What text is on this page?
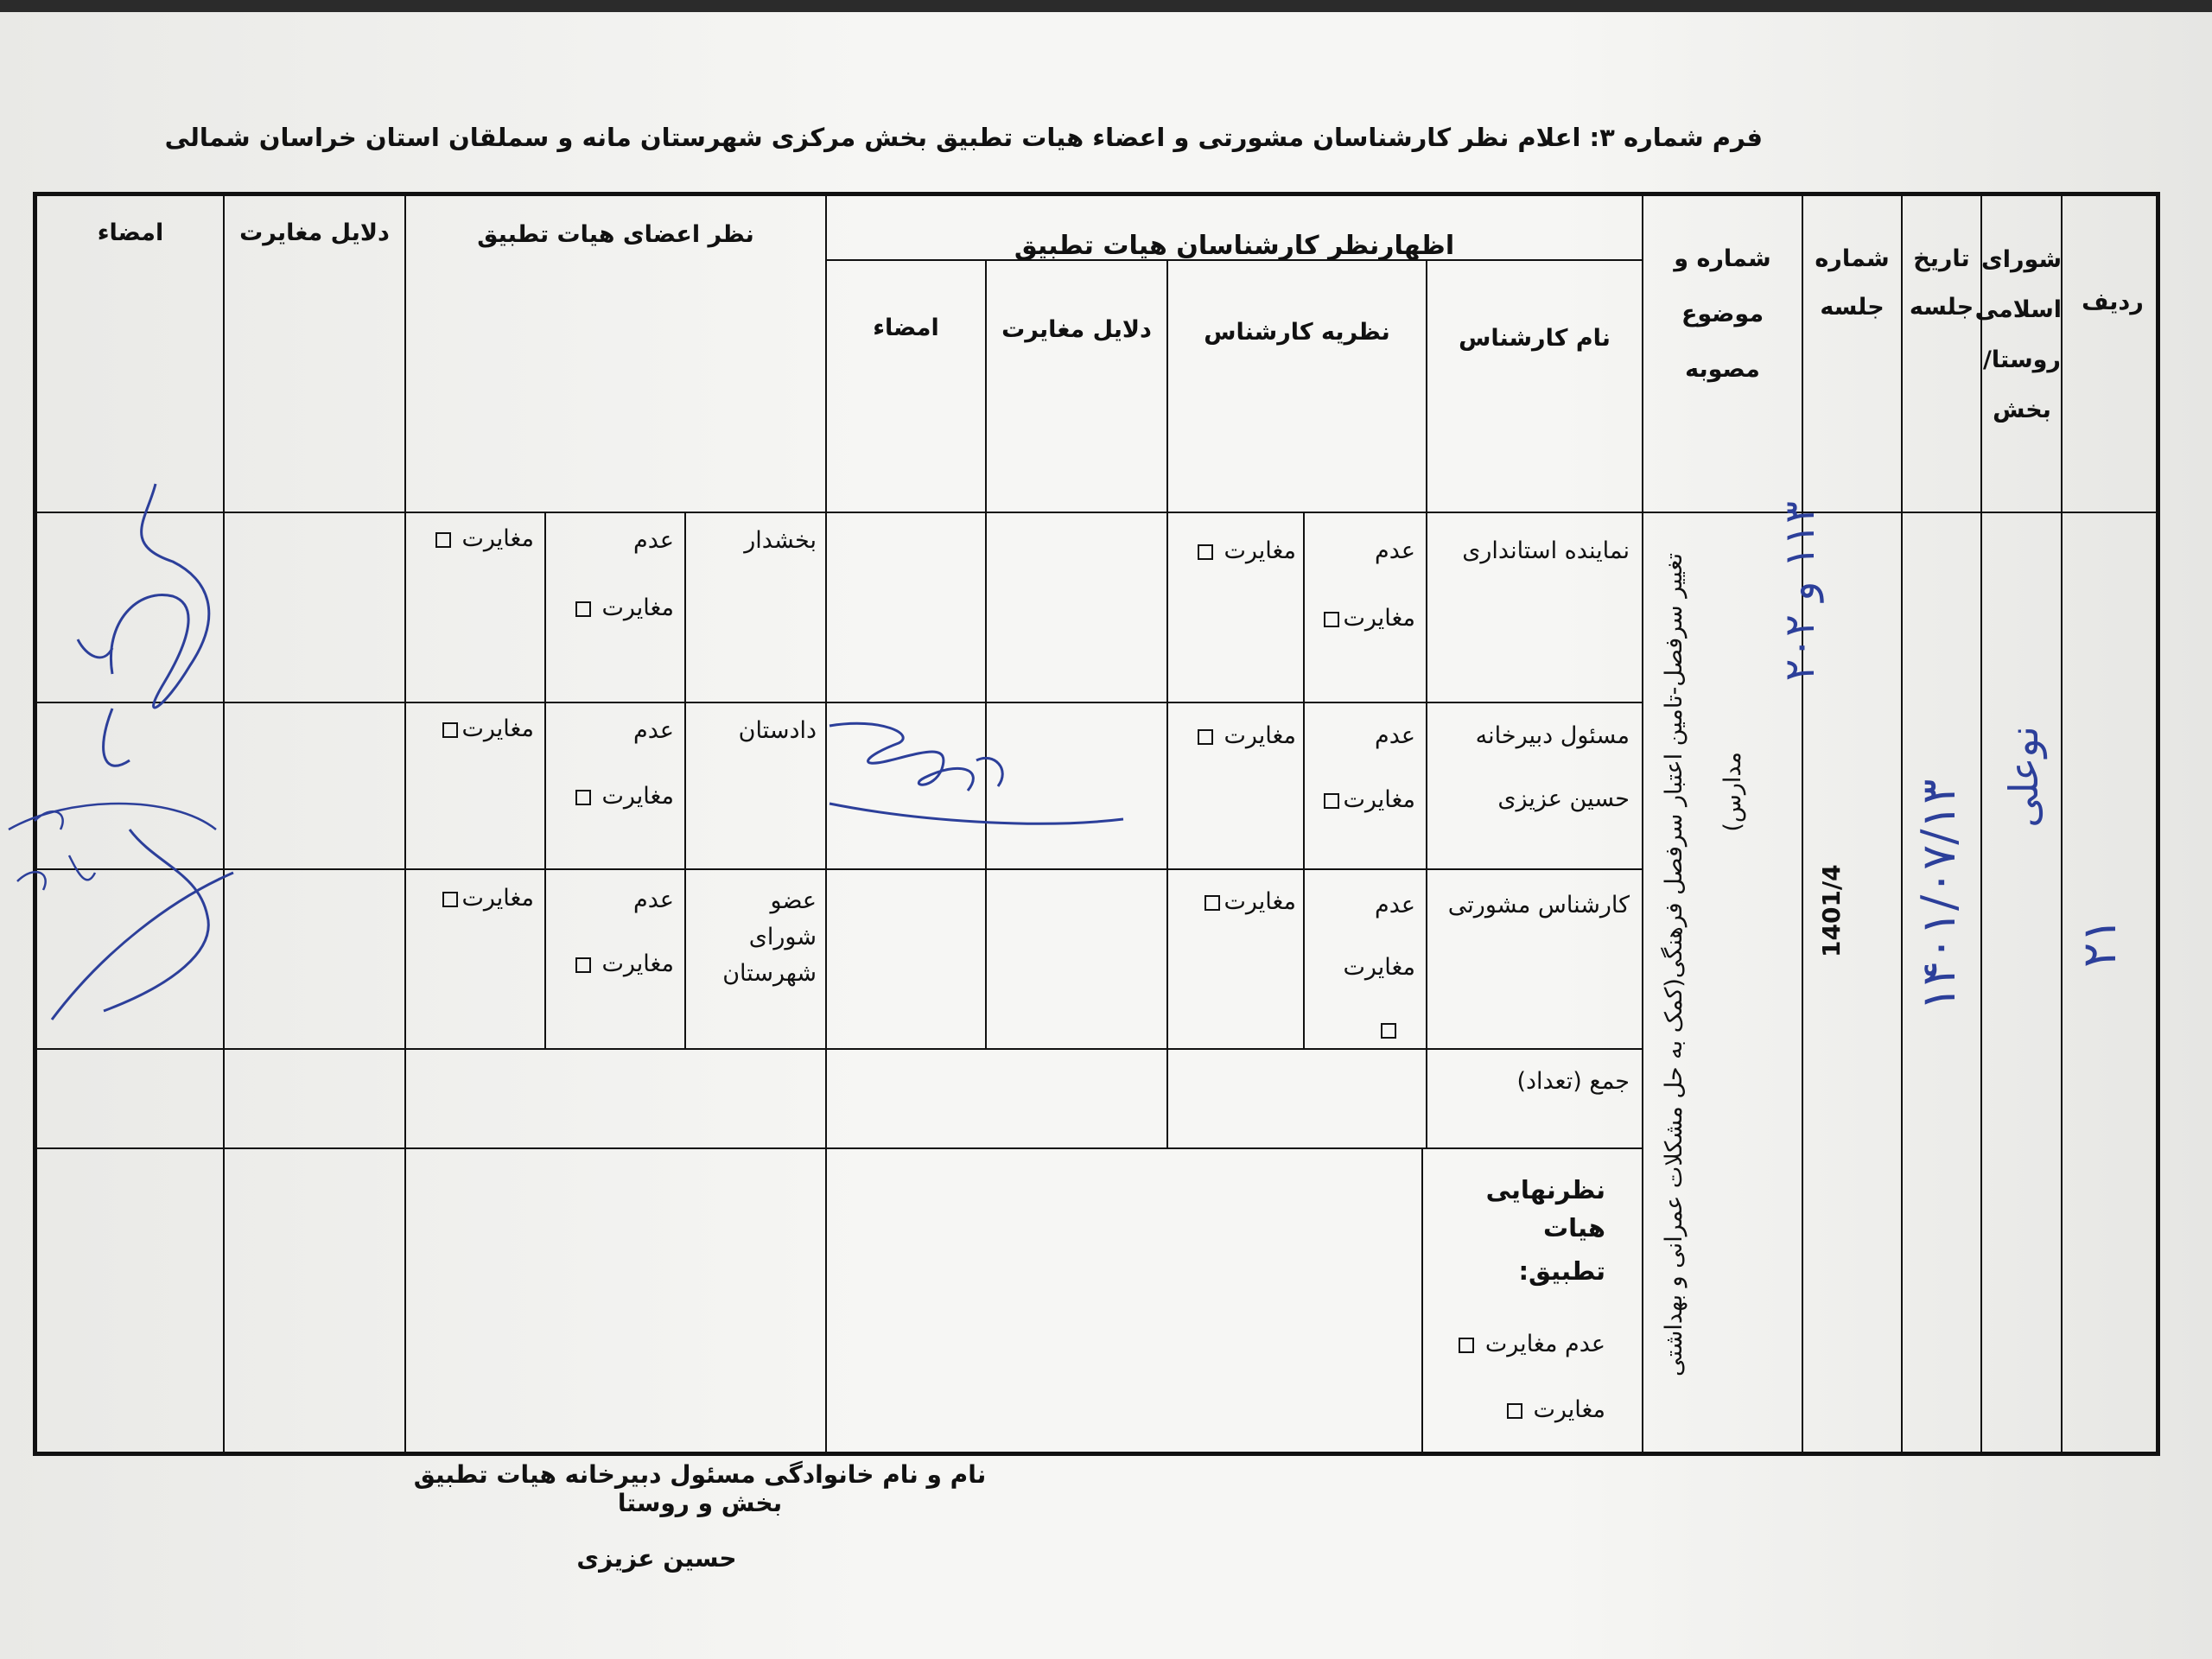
فرم شماره ۳: اعلام نظر کارشناسان مشورتی و اعضاء هیات تطبیق بخش مرکزی شهرستان مانه و سملقان استان خراسان شمالی
ردیف
شورای
اسلامی
روستا/
بخش
تاریخ
جلسه
شماره
جلسه
شماره و
موضوع
مصوبه
اظهارنظر کارشناسان هیات تطبیق
نام کارشناس
نظریه کارشناس
دلایل مغایرت
امضاء
نظر اعضای هیات تطبیق
دلایل مغایرت
امضاء
نماینده استانداری
مسئول دبیرخانه
حسین عزیزی
کارشناس مشورتی
عدم
مغایرت
مغایرت
عدم
مغایرت
مغایرت
عدم
مغایرت
مغایرت
جمع (تعداد)
بخشدار
دادستان
عضو
شورای
شهرستان
عدم
مغایرت
مغایرت
عدم
مغایرت
مغایرت
عدم
مغایرت
مغایرت
نظرنهایی هیات
تطبیق:
عدم مغایرت
مغایرت
تغییر سرفصل-تامین اعتبار سرفصل فرهنگی(کمک به حل مشکلات عمرانی و بهداشتی	مدارس)
۱۱۳ و ۲۰۲
1401/4 ۱۴۰۱/۰۷/۱۳
نوعلی
۲۱
نام و نام خانوادگی مسئول دبیرخانه هیات تطبیق بخش و روستا
حسین عزیزی
